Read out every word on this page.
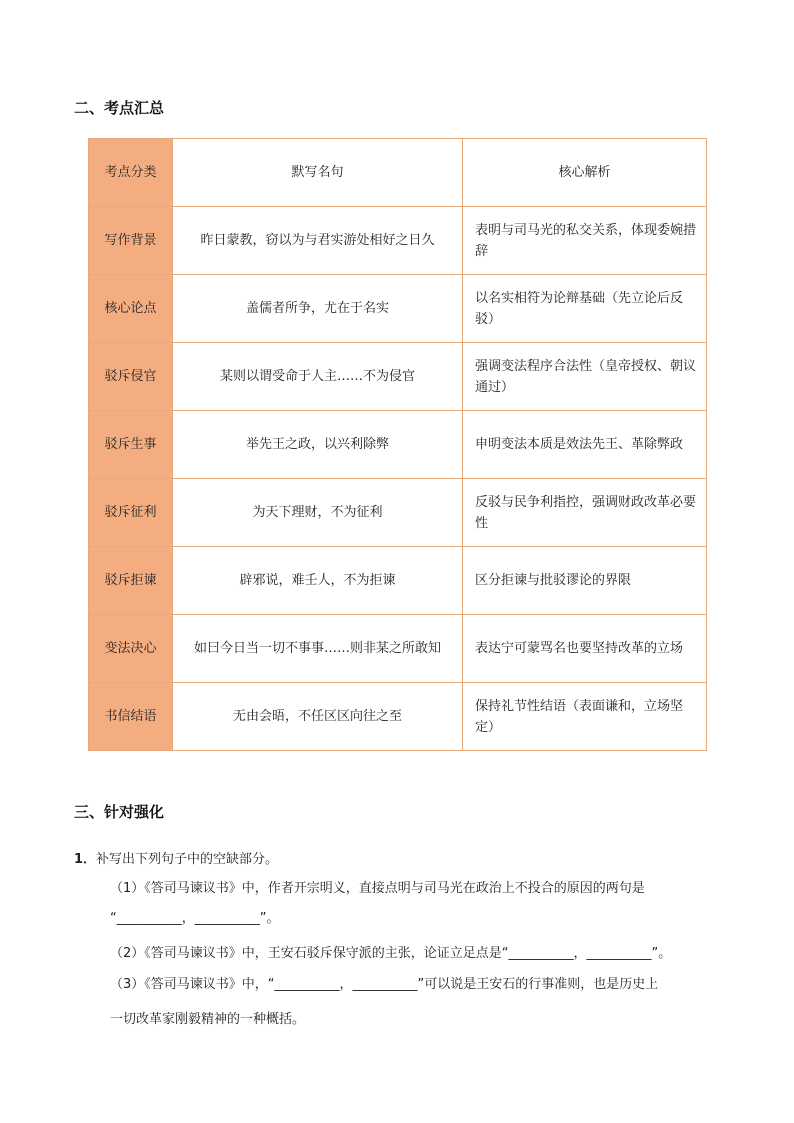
二、考点汇总
考点分类	默写名句	核心解析
写作背景	昨日蒙教，窃以为与君实游处相好之日久	表明与司马光的私交关系，体现委婉措辞
核心论点	盖儒者所争，尤在于名实	以名实相符为论辩基础（先立论后反驳）
驳斥侵官	某则以谓受命于人主……不为侵官	强调变法程序合法性（皇帝授权、朝议通过）
驳斥生事	举先王之政，以兴利除弊	申明变法本质是效法先王、革除弊政
驳斥征利	为天下理财，不为征利	反驳与民争利指控，强调财政改革必要性
驳斥拒谏	辟邪说，难壬人，不为拒谏	区分拒谏与批驳谬论的界限
变法决心	如曰今日当一切不事事……则非某之所敢知	表达宁可蒙骂名也要坚持改革的立场
书信结语	无由会晤，不任区区向往之至	保持礼节性结语（表面谦和，立场坚定）
三、针对强化
1．补写出下列句子中的空缺部分。
（1）《答司马谏议书》中，作者开宗明义，直接点明与司马光在政治上不投合的原因的两句是
“__________，__________”。
（2）《答司马谏议书》中，王安石驳斥保守派的主张，论证立足点是“__________，__________”。
（3）《答司马谏议书》中，“__________，__________”可以说是王安石的行事准则，也是历史上
一切改革家刚毅精神的一种概括。
